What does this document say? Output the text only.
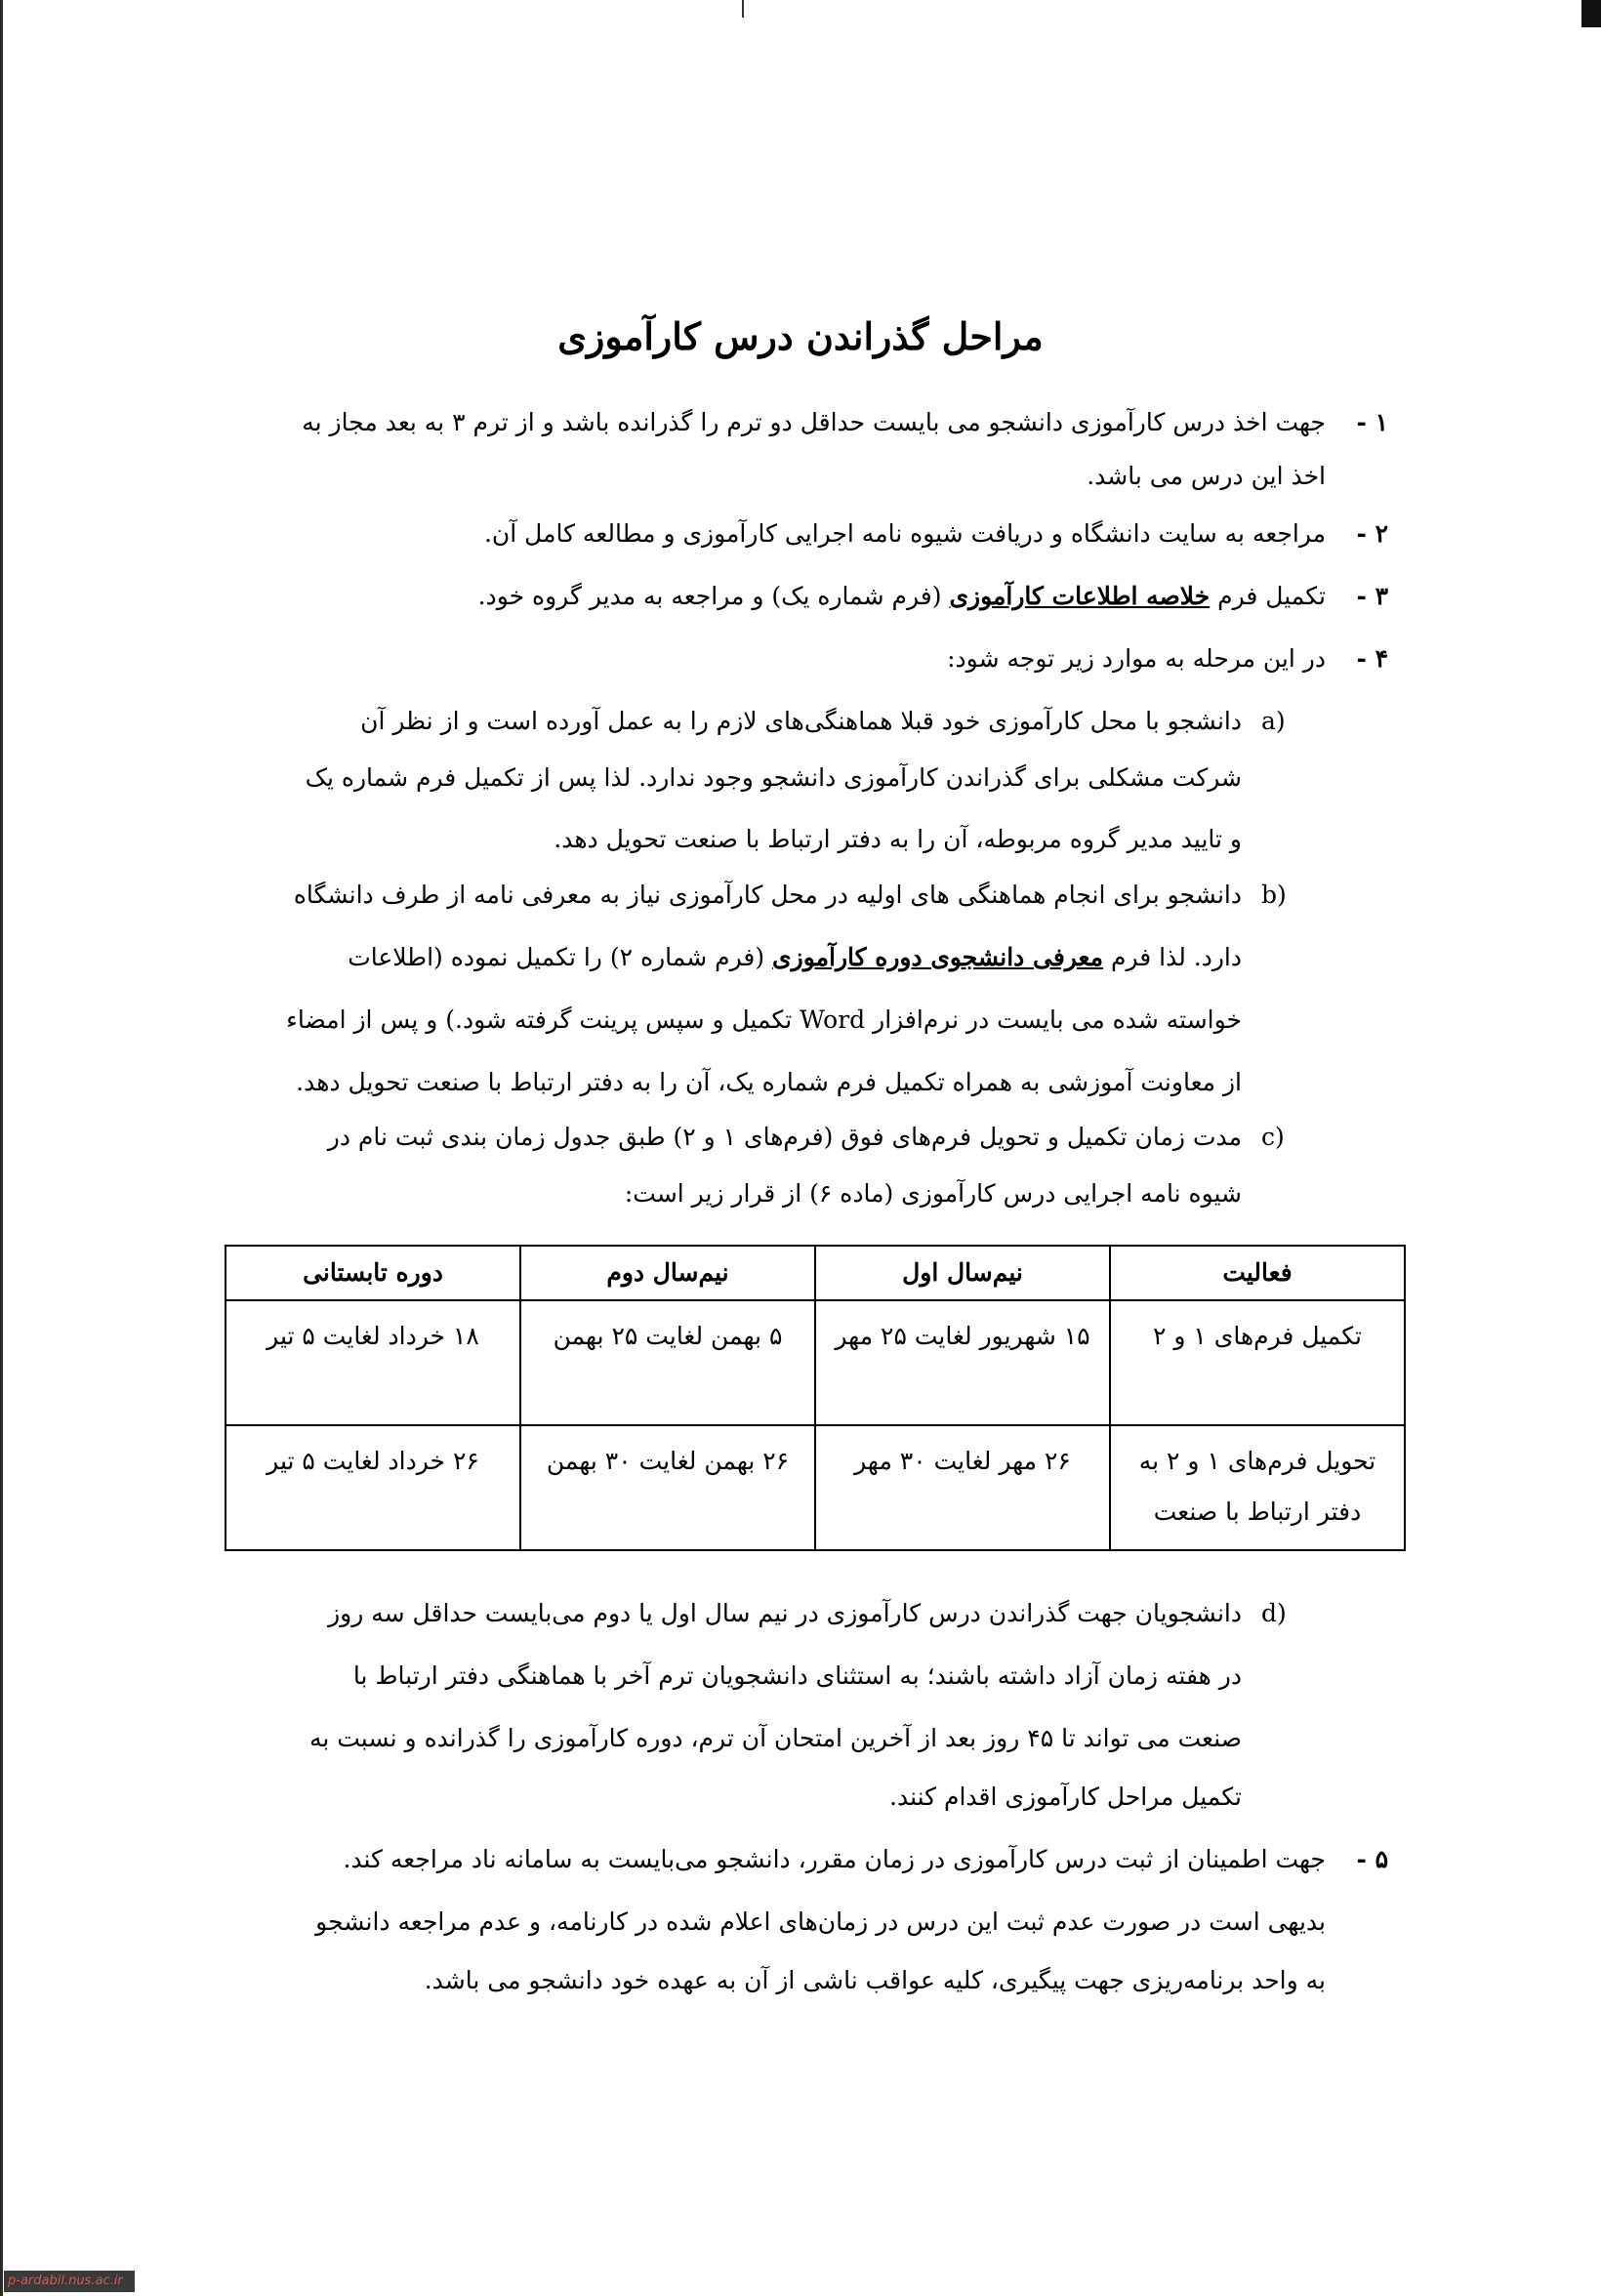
مراحل گذراندن درس کارآموزی
۱ -
جهت اخذ درس کارآموزی دانشجو می بایست حداقل دو ترم را گذرانده باشد و از ترم ۳ به بعد مجاز به
اخذ این درس می باشد.
۲ -
مراجعه به سایت دانشگاه و دریافت شیوه نامه اجرایی کارآموزی و مطالعه کامل آن.
۳ -
تکمیل فرم خلاصه اطلاعات کارآموزی (فرم شماره یک) و مراجعه به مدیر گروه خود.
۴ -
در این مرحله به موارد زیر توجه شود:
a)
دانشجو با محل کارآموزی خود قبلا هماهنگی‌های لازم را به عمل آورده است و از نظر آن
شرکت مشکلی برای گذراندن کارآموزی دانشجو وجود ندارد. لذا پس از تکمیل فرم شماره یک
و تایید مدیر گروه مربوطه، آن را به دفتر ارتباط با صنعت تحویل دهد.
b)
دانشجو برای انجام هماهنگی های اولیه در محل کارآموزی نیاز به معرفی نامه از طرف دانشگاه
دارد. لذا فرم معرفی دانشجوی دوره کارآموزی (فرم شماره ۲) را تکمیل نموده (اطلاعات
خواسته شده می بایست در نرم‌افزار Word تکمیل و سپس پرینت گرفته شود.) و پس از امضاء
از معاونت آموزشی به همراه تکمیل فرم شماره یک، آن را به دفتر ارتباط با صنعت تحویل دهد.
c)
مدت زمان تکمیل و تحویل فرم‌های فوق (فرم‌های ۱ و ۲) طبق جدول زمان بندی ثبت نام در
شیوه نامه اجرایی درس کارآموزی (ماده ۶) از قرار زیر است:
فعالیت	نیم‌سال اول	نیم‌سال دوم	دوره تابستانی
تکمیل فرم‌های ۱ و ۲	۱۵ شهریور لغایت ۲۵ مهر	۵ بهمن لغایت ۲۵ بهمن	۱۸ خرداد لغایت ۵ تیر
تحویل فرم‌های ۱ و ۲ به دفتر ارتباط با صنعت	۲۶ مهر لغایت ۳۰ مهر	۲۶ بهمن لغایت ۳۰ بهمن	۲۶ خرداد لغایت ۵ تیر
d)
دانشجویان جهت گذراندن درس کارآموزی در نیم سال اول یا دوم می‌بایست حداقل سه روز
در هفته زمان آزاد داشته باشند؛ به استثنای دانشجویان ترم آخر با هماهنگی دفتر ارتباط با
صنعت می تواند تا ۴۵ روز بعد از آخرین امتحان آن ترم، دوره کارآموزی را گذرانده و نسبت به
تکمیل مراحل کارآموزی اقدام کنند.
۵ -
جهت اطمینان از ثبت درس کارآموزی در زمان مقرر، دانشجو می‌بایست به سامانه ناد مراجعه کند.
بدیهی است در صورت عدم ثبت این درس در زمان‌های اعلام شده در کارنامه، و عدم مراجعه دانشجو
به واحد برنامه‌ریزی جهت پیگیری، کلیه عواقب ناشی از آن به عهده خود دانشجو می باشد.
p-ardabil.nus.ac.ir
